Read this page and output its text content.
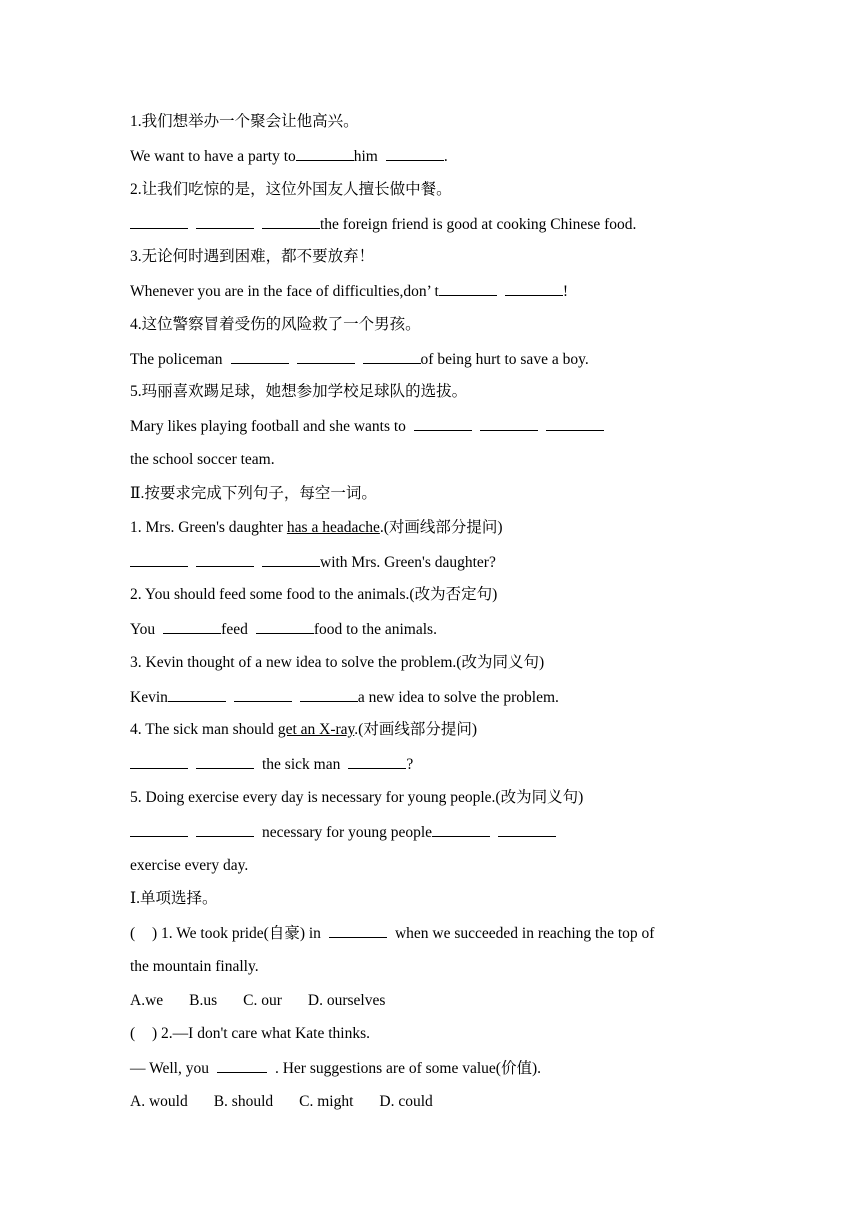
1.我们想举办一个聚会让他高兴。
We want to have a party to	him	.
2.让我们吃惊的是，这位外国友人擅长做中餐。
the foreign friend is good at cooking Chinese food.
3.无论何时遇到困难，都不要放弃！
Whenever you are in the face of difficulties,don’ t	!
4.这位警察冒着受伤的风险救了一个男孩。
The policeman	of being hurt to save a boy.
5.玛丽喜欢踢足球，她想参加学校足球队的选拔。
Mary likes playing football and she wants to
the school soccer team.
Ⅱ.按要求完成下列句子，每空一词。
1. Mrs. Green's daughter has a headache.(对画线部分提问)
with Mrs. Green's daughter?
2. You should feed some food to the animals.(改为否定句)
You	feed	food to the animals.
3. Kevin thought of a new idea to solve the problem.(改为同义句)
Kevin	a new idea to solve the problem.
4. The sick man should get an X-ray.(对画线部分提问)
the sick man	?
5. Doing exercise every day is necessary for young people.(改为同义句)
necessary for young people
exercise every day.
Ⅰ.单项选择。
( ) 1. We took pride(自豪) in	when we succeeded in reaching the top of
the mountain finally.
A.we B.us C. our D. ourselves
( ) 2.—I don't care what Kate thinks.
— Well, you	. Her suggestions are of some value(价值).
A. would B. should C. might D. could
